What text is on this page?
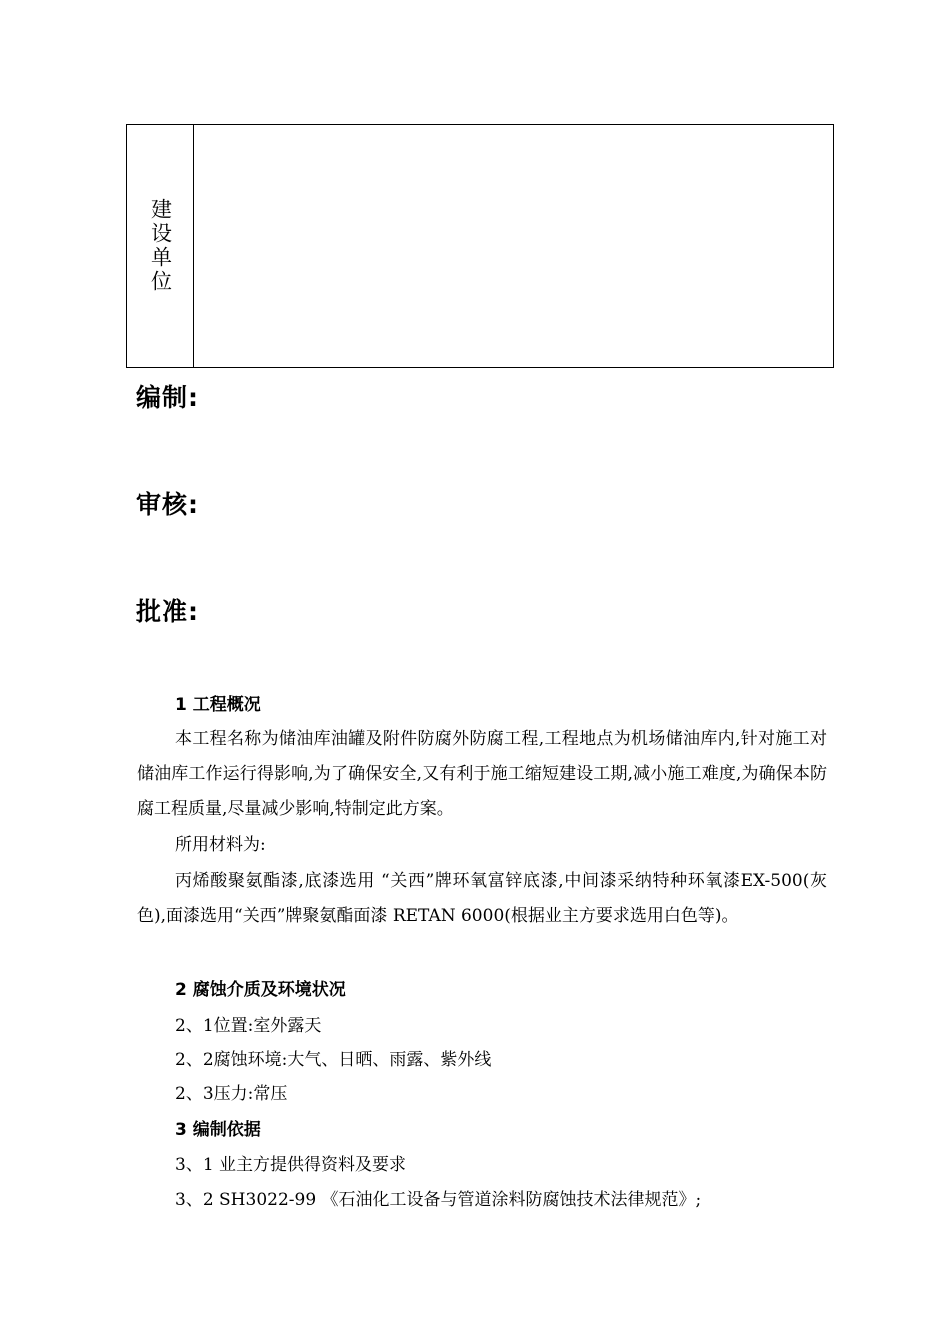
建设单位
编制:
审核:
批准:

1 工程概况

本工程名称为储油库油罐及附件防腐外防腐工程,工程地点为机场储油库内,针对施工对储油库工作运行得影响,为了确保安全,又有利于施工缩短建设工期,减小施工难度,为确保本防腐工程质量,尽量减少影响,特制定此方案。

所用材料为:

丙烯酸聚氨酯漆,底漆选用 “关西”牌环氧富锌底漆,中间漆采纳特种环氧漆EX-500(灰色),面漆选用“关西”牌聚氨酯面漆 RETAN 6000(根据业主方要求选用白色等)。

2 腐蚀介质及环境状况

2、1位置:室外露天

2、2腐蚀环境:大气、日晒、雨露、紫外线

2、3压力:常压

3 编制依据

3、1 业主方提供得资料及要求

3、2 SH3022-99 《石油化工设备与管道涂料防腐蚀技术法律规范》;
